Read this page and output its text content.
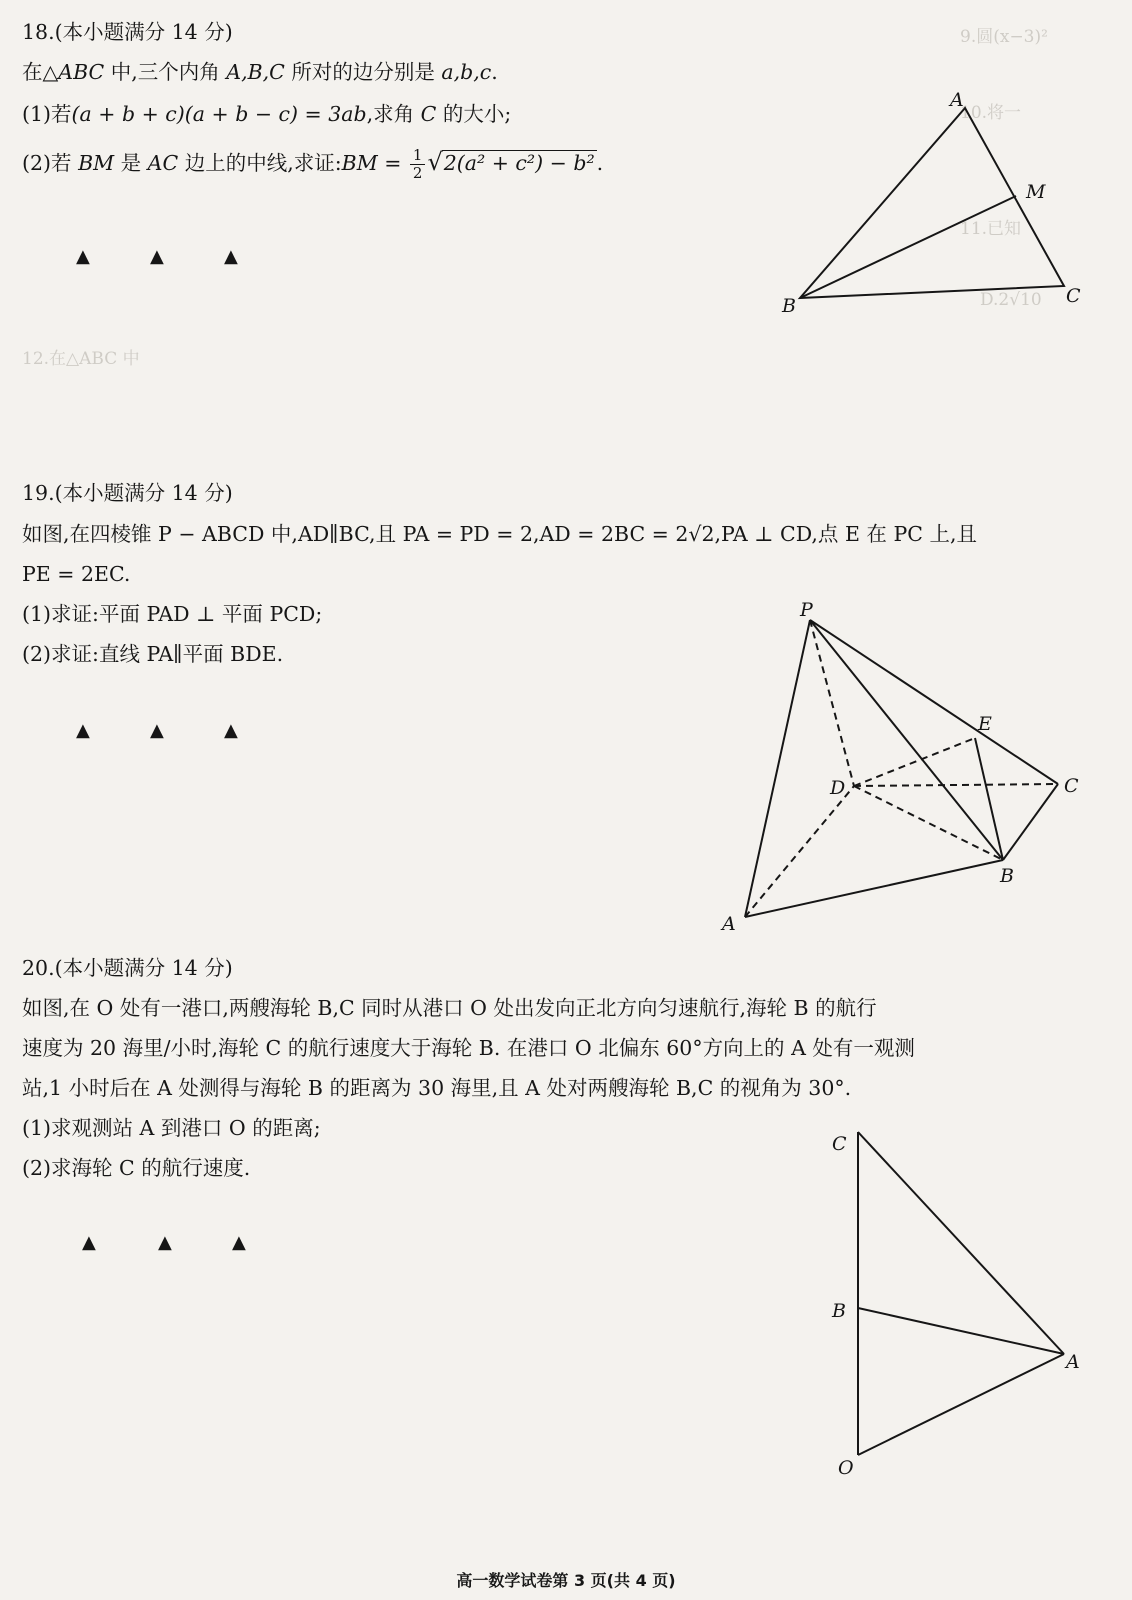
9.圆(x−3)²
10.将一
11.已知
D.2√10
12.在△ABC 中
18.(本小题满分 14 分)
在△ABC 中,三个内角 A,B,C 所对的边分别是 a,b,c.
(1)若(a + b + c)(a + b − c) = 3ab,求角 C 的大小;
(2)若 BM 是 AC 边上的中线,求证:BM = $\frac{1}{2} √2(a^2 + c^2) - b^2$.
▲	▲	▲
19.(本小题满分 14 分)
如图,在四棱锥 P − ABCD 中,AD∥BC,且 PA = PD = 2,AD = 2BC = 2√2,PA ⊥ CD,点 E 在 PC 上,且
PE = 2EC.
(1)求证:平面 PAD ⊥ 平面 PCD;
(2)求证:直线 PA∥平面 BDE.
▲	▲	▲
20.(本小题满分 14 分)
如图,在 O 处有一港口,两艘海轮 B,C 同时从港口 O 处出发向正北方向匀速航行,海轮 B 的航行
速度为 20 海里/小时,海轮 C 的航行速度大于海轮 B. 在港口 O 北偏东 60°方向上的 A 处有一观测
站,1 小时后在 A 处测得与海轮 B 的距离为 30 海里,且 A 处对两艘海轮 B,C 的视角为 30°.
(1)求观测站 A 到港口 O 的距离;
(2)求海轮 C 的航行速度.
▲	▲	▲
A
M
B	C
P
E
D	C
B
A
C
B
A
O
高一数学试卷第 3 页(共 4 页)
